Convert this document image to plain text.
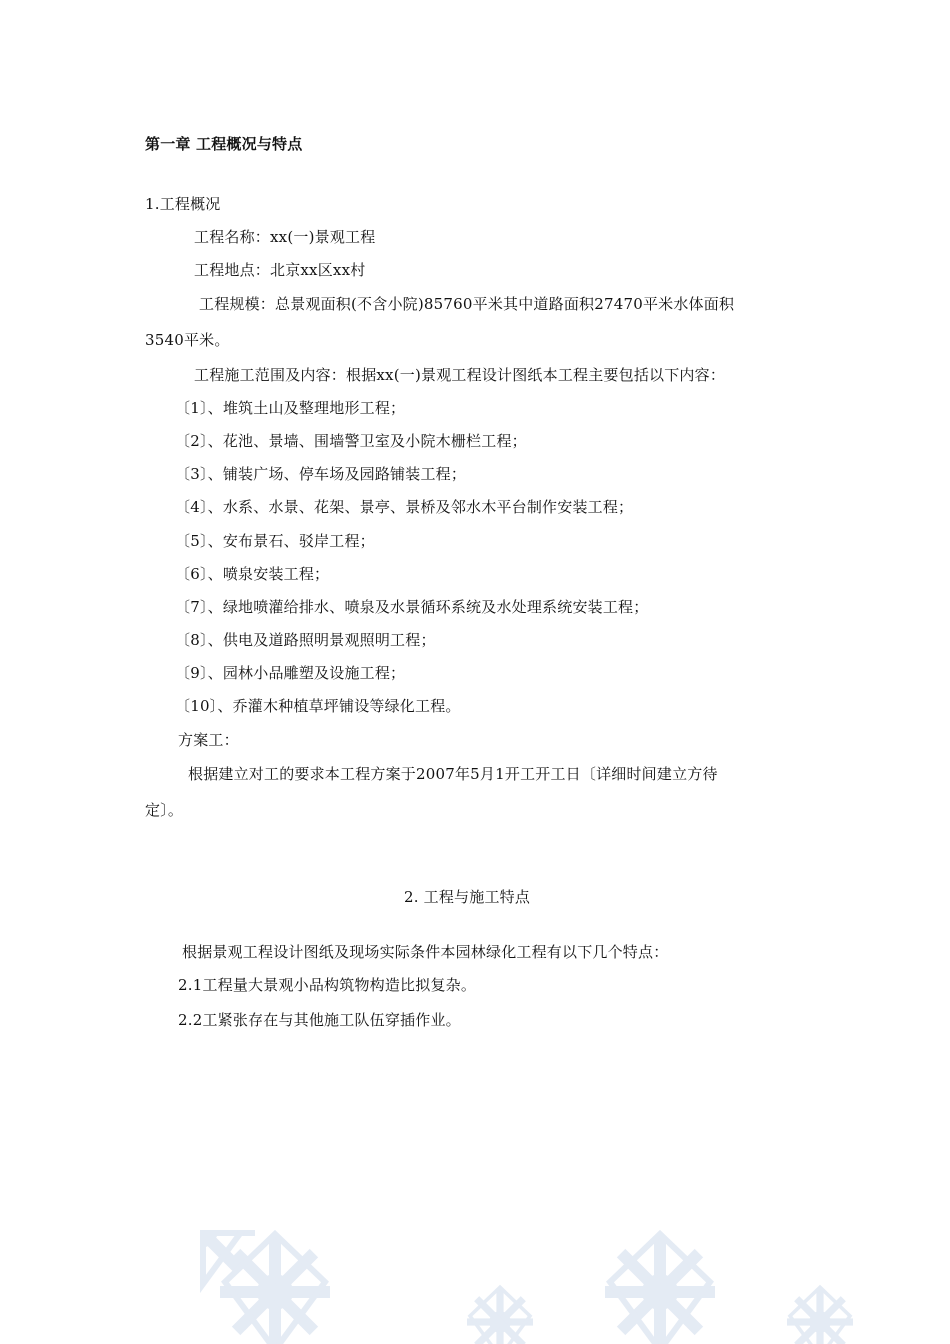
第一章 工程概况与特点
1.工程概况
工程名称：xx(一)景观工程
工程地点：北京xx区xx村
工程规模：总景观面积(不含小院)85760平米其中道路面积27470平米水体面积
3540平米。
工程施工范围及内容：根据xx(一)景观工程设计图纸本工程主要包括以下内容：
〔1〕、堆筑土山及整理地形工程；
〔2〕、花池、景墙、围墙警卫室及小院木栅栏工程；
〔3〕、铺装广场、停车场及园路铺装工程；
〔4〕、水系、水景、花架、景亭、景桥及邻水木平台制作安装工程；
〔5〕、安布景石、驳岸工程；
〔6〕、喷泉安装工程；
〔7〕、绿地喷灌给排水、喷泉及水景循环系统及水处理系统安装工程；
〔8〕、供电及道路照明景观照明工程；
〔9〕、园林小品雕塑及设施工程；
〔10〕、乔灌木种植草坪铺设等绿化工程。
方案工：
根据建立对工的要求本工程方案于2007年5月1开工开工日〔详细时间建立方待
定〕。
2. 工程与施工特点
根据景观工程设计图纸及现场实际条件本园林绿化工程有以下几个特点：
2.1工程量大景观小品构筑物构造比拟复杂。
2.2工紧张存在与其他施工队伍穿插作业。
